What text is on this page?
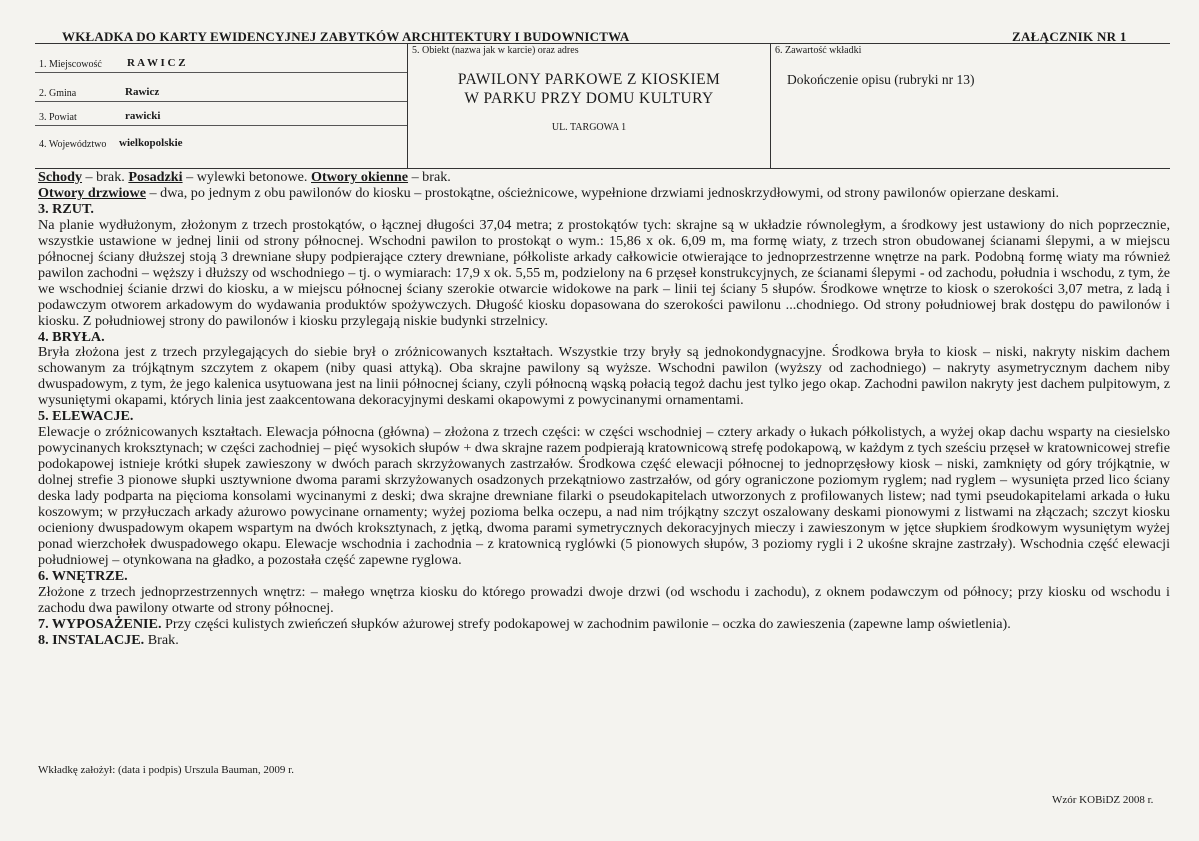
WKŁADKA DO KARTY EWIDENCYJNEJ ZABYTKÓW ARCHITEKTURY I BUDOWNICTWA	ZAŁĄCZNIK NR 1
1. Miejscowość R A W I C Z
2. Gmina	Rawicz
3. Powiat	rawicki
4. Województwo wielkopolskie
5. Obiekt (nazwa jak w karcie) oraz adres
PAWILONY PARKOWE Z KIOSKIEM
W PARKU PRZY DOMU KULTURY
UL. TARGOWA 1
6. Zawartość wkładki
Dokończenie opisu (rubryki nr 13)

Schody – brak. Posadzki – wylewki betonowe. Otwory okienne – brak.

Otwory drzwiowe – dwa, po jednym z obu pawilonów do kiosku – prostokątne, ościeżnicowe, wypełnione drzwiami jednoskrzydłowymi, od strony pawilonów opierzane deskami.

3. RZUT.

Na planie wydłużonym, złożonym z trzech prostokątów, o łącznej długości 37,04 metra; z prostokątów tych: skrajne są w układzie równoległym, a środkowy jest ustawiony do nich poprzecznie, wszystkie ustawione w jednej linii od strony północnej. Wschodni pawilon to prostokąt o wym.: 15,86 x ok. 6,09 m, ma formę wiaty, z trzech stron obudowanej ścianami ślepymi, a w miejscu północnej ściany dłuższej stoją 3 drewniane słupy podpierające cztery drewniane, półkoliste arkady całkowicie otwierające to jednoprzestrzenne wnętrze na park. Podobną formę wiaty ma również pawilon zachodni – węższy i dłuższy od wschodniego – tj. o wymiarach: 17,9 x ok. 5,55 m, podzielony na 6 przęseł konstrukcyjnych, ze ścianami ślepymi - od zachodu, południa i wschodu, z tym, że we wschodniej ścianie drzwi do kiosku, a w miejscu północnej ściany szerokie otwarcie widokowe na park – linii tej ściany 5 słupów. Środkowe wnętrze to kiosk o szerokości 3,07 metra, z ladą i podawczym otworem arkadowym do wydawania produktów spożywczych. Długość kiosku dopasowana do szerokości pawilonu ...chodniego. Od strony południowej brak dostępu do pawilonów i kiosku. Z południowej strony do pawilonów i kiosku przylegają niskie budynki strzelnicy.

4. BRYŁA.

Bryła złożona jest z trzech przylegających do siebie brył o zróżnicowanych kształtach. Wszystkie trzy bryły są jednokondygnacyjne. Środkowa bryła to kiosk – niski, nakryty niskim dachem schowanym za trójkątnym szczytem z okapem (niby quasi attyką). Oba skrajne pawilony są wyższe. Wschodni pawilon (wyższy od zachodniego) – nakryty asymetrycznym dachem niby dwuspadowym, z tym, że jego kalenica usytuowana jest na linii północnej ściany, czyli północną wąską połacią tegoż dachu jest tylko jego okap. Zachodni pawilon nakryty jest dachem pulpitowym, z wysuniętymi okapami, których linia jest zaakcentowana dekoracyjnymi deskami okapowymi z powycinanymi ornamentami.

5. ELEWACJE.

Elewacje o zróżnicowanych kształtach. Elewacja północna (główna) – złożona z trzech części: w części wschodniej – cztery arkady o łukach półkolistych, a wyżej okap dachu wsparty na ciesielsko powycinanych kroksztynach; w części zachodniej – pięć wysokich słupów + dwa skrajne razem podpierają kratownicową strefę podokapową, w każdym z tych sześciu przęseł w kratownicowej strefie podokapowej istnieje krótki słupek zawieszony w dwóch parach skrzyżowanych zastrzałów. Środkowa część elewacji północnej to jednoprzęsłowy kiosk – niski, zamknięty od góry trójkątnie, w dolnej strefie 3 pionowe słupki usztywnione dwoma parami skrzyżowanych osadzonych przekątniowo zastrzałów, od góry ograniczone poziomym ryglem; nad ryglem – wysunięta przed lico ściany deska lady podparta na pięcioma konsolami wycinanymi z deski; dwa skrajne drewniane filarki o pseudokapitelach utworzonych z profilowanych listew; nad tymi pseudokapitelami arkada o łuku koszowym; w przyłuczach arkady ażurowo powycinane ornamenty; wyżej pozioma belka oczepu, a nad nim trójkątny szczyt oszalowany deskami pionowymi z listwami na złączach; szczyt kiosku ocieniony dwuspadowym okapem wspartym na dwóch kroksztynach, z jętką, dwoma parami symetrycznych dekoracyjnych mieczy i zawieszonym w jętce słupkiem środkowym wysuniętym wyżej ponad wierzchołek dwuspadowego okapu. Elewacje wschodnia i zachodnia – z kratownicą ryglówki (5 pionowych słupów, 3 poziomy rygli i 2 ukośne skrajne zastrzały). Wschodnia część elewacji południowej – otynkowana na gładko, a pozostała część zapewne ryglowa.

6. WNĘTRZE.

Złożone z trzech jednoprzestrzennych wnętrz: – małego wnętrza kiosku do którego prowadzi dwoje drzwi (od wschodu i zachodu), z oknem podawczym od północy; przy kiosku od wschodu i zachodu dwa pawilony otwarte od strony północnej.

7. WYPOSAŻENIE. Przy części kulistych zwieńczeń słupków ażurowej strefy podokapowej w zachodnim pawilonie – oczka do zawieszenia (zapewne lamp oświetlenia).

8. INSTALACJE. Brak.

Wkładkę założył: (data i podpis) Urszula Bauman, 2009 r.
Wzór KOBiDZ 2008 r.
